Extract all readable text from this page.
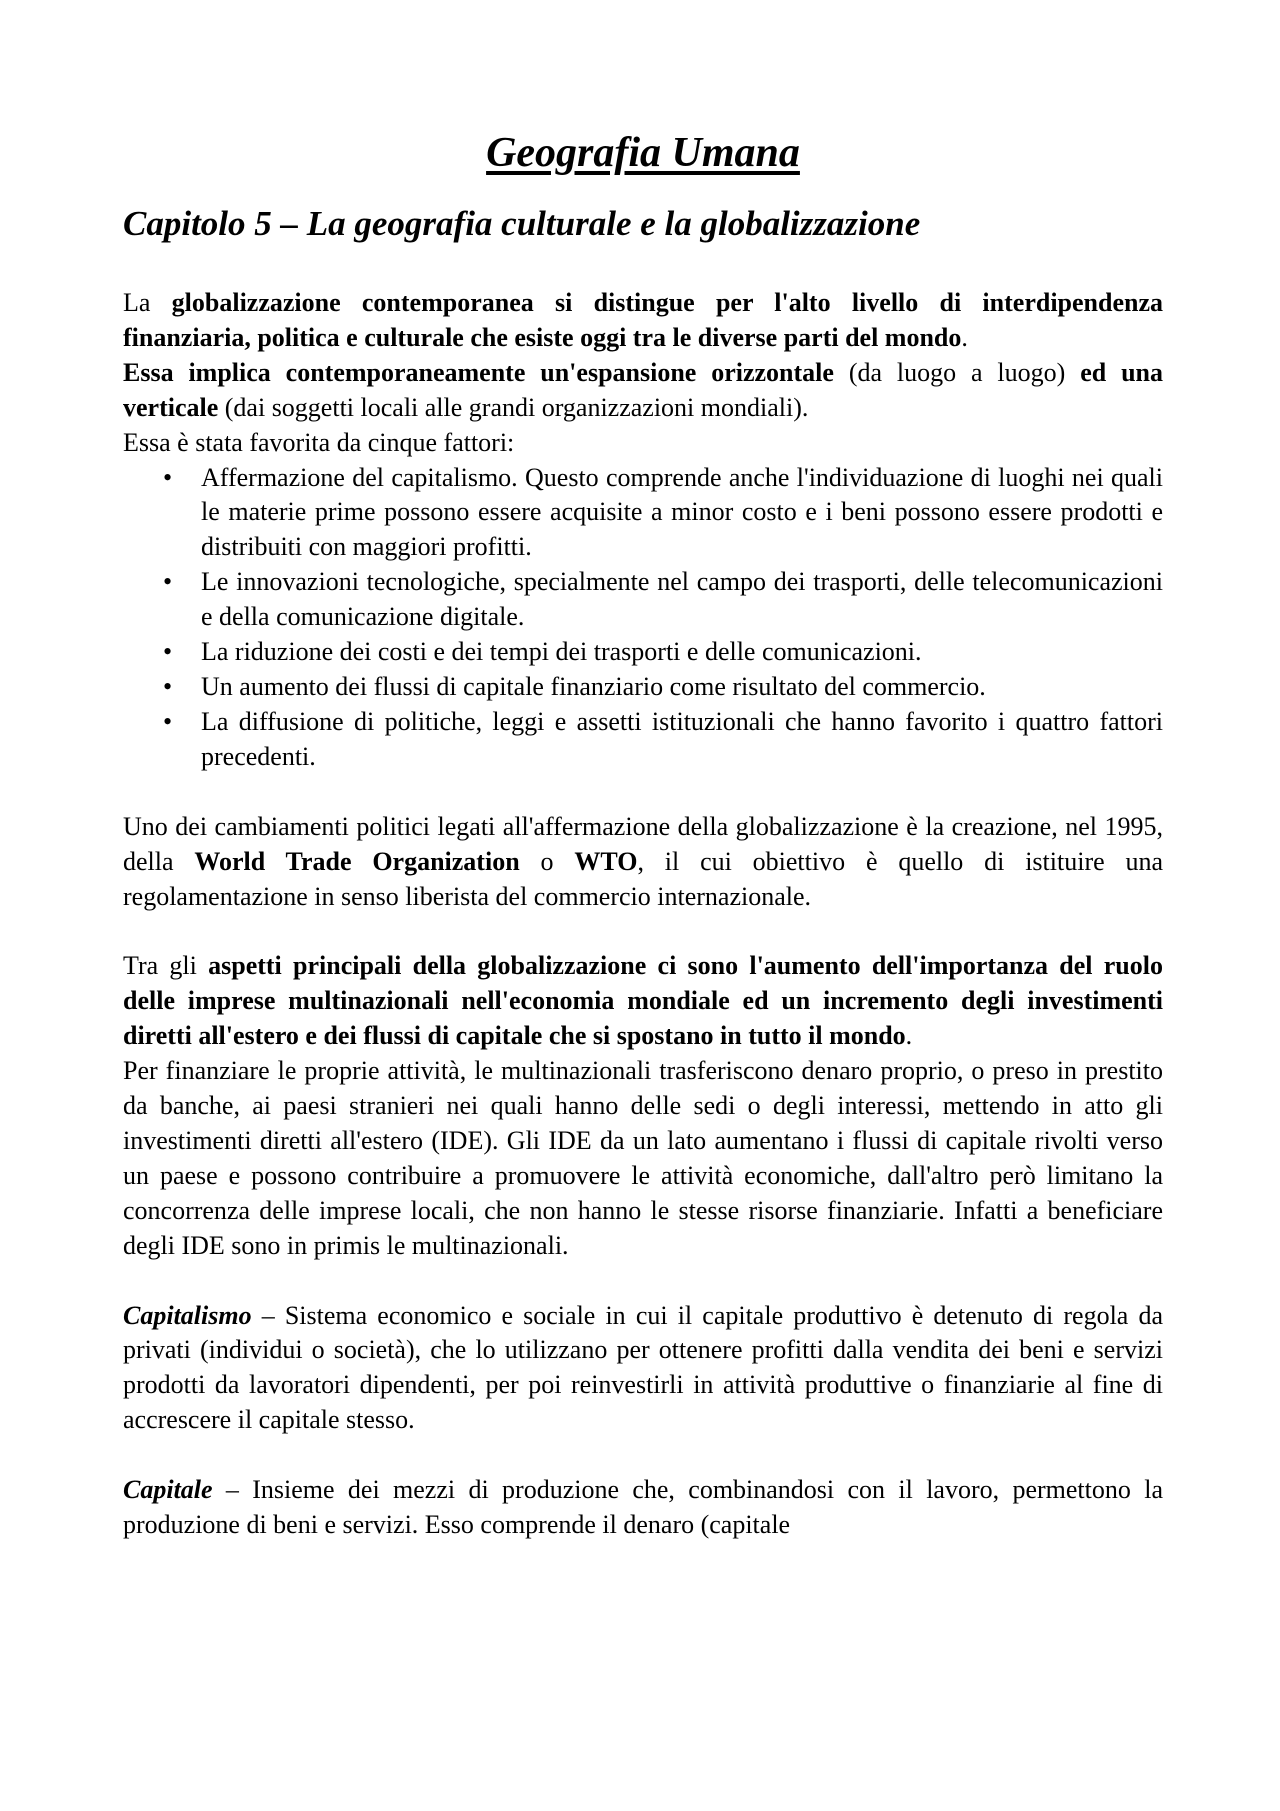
Geografia Umana
Capitolo 5 – La geografia culturale e la globalizzazione

La globalizzazione contemporanea si distingue per l'alto livello di interdipendenza finanziaria, politica e culturale che esiste oggi tra le diverse parti del mondo.

Essa implica contemporaneamente un'espansione orizzontale (da luogo a luogo) ed una verticale (dai soggetti locali alle grandi organizzazioni mondiali).

Essa è stata favorita da cinque fattori:

• Affermazione del capitalismo. Questo comprende anche l'individuazione di luoghi nei quali le materie prime possono essere acquisite a minor costo e i beni possono essere prodotti e distribuiti con maggiori profitti.
• Le innovazioni tecnologiche, specialmente nel campo dei trasporti, delle telecomunicazioni e della comunicazione digitale.
• La riduzione dei costi e dei tempi dei trasporti e delle comunicazioni.
• Un aumento dei flussi di capitale finanziario come risultato del commercio.
• La diffusione di politiche, leggi e assetti istituzionali che hanno favorito i quattro fattori precedenti.

Uno dei cambiamenti politici legati all'affermazione della globalizzazione è la creazione, nel 1995, della World Trade Organization o WTO, il cui obiettivo è quello di istituire una regolamentazione in senso liberista del commercio internazionale.

Tra gli aspetti principali della globalizzazione ci sono l'aumento dell'importanza del ruolo delle imprese multinazionali nell'economia mondiale ed un incremento degli investimenti diretti all'estero e dei flussi di capitale che si spostano in tutto il mondo.

Per finanziare le proprie attività, le multinazionali trasferiscono denaro proprio, o preso in prestito da banche, ai paesi stranieri nei quali hanno delle sedi o degli interessi, mettendo in atto gli investimenti diretti all'estero (IDE). Gli IDE da un lato aumentano i flussi di capitale rivolti verso un paese e possono contribuire a promuovere le attività economiche, dall'altro però limitano la concorrenza delle imprese locali, che non hanno le stesse risorse finanziarie. Infatti a beneficiare degli IDE sono in primis le multinazionali.

Capitalismo – Sistema economico e sociale in cui il capitale produttivo è detenuto di regola da privati (individui o società), che lo utilizzano per ottenere profitti dalla vendita dei beni e servizi prodotti da lavoratori dipendenti, per poi reinvestirli in attività produttive o finanziarie al fine di accrescere il capitale stesso.

Capitale – Insieme dei mezzi di produzione che, combinandosi con il lavoro, permettono la produzione di beni e servizi. Esso comprende il denaro (capitale
